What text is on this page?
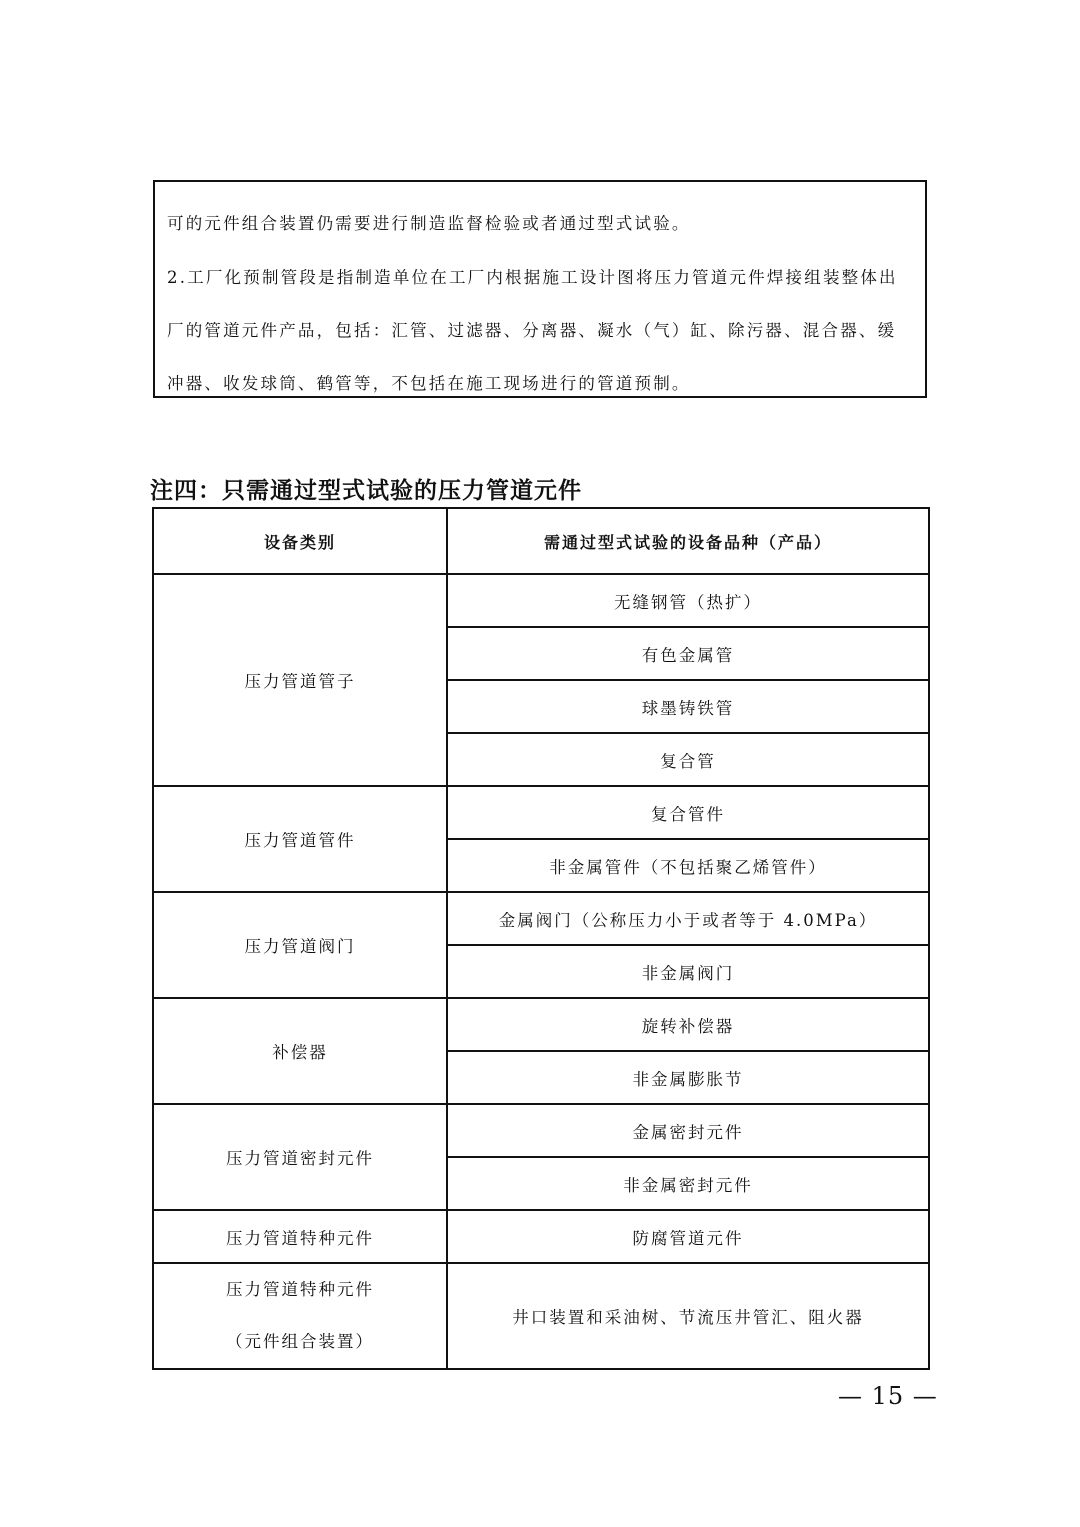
可的元件组合装置仍需要进行制造监督检验或者通过型式试验。
2.工厂化预制管段是指制造单位在工厂内根据施工设计图将压力管道元件焊接组装整体出
厂的管道元件产品，包括：汇管、过滤器、分离器、凝水（气）缸、除污器、混合器、缓
冲器、收发球筒、鹤管等，不包括在施工现场进行的管道预制。
注四：只需通过型式试验的压力管道元件
设备类别	需通过型式试验的设备品种（产品）
压力管道管子	无缝钢管（热扩）
	有色金属管
	球墨铸铁管
	复合管
压力管道管件	复合管件
	非金属管件（不包括聚乙烯管件）
压力管道阀门	金属阀门（公称压力小于或者等于 4.0MPa）
	非金属阀门
补偿器	旋转补偿器
	非金属膨胀节
压力管道密封元件	金属密封元件
	非金属密封元件
压力管道特种元件	防腐管道元件

压力管道特种元件
（元件组合装置）	井口装置和采油树、节流压井管汇、阻火器
— 15 —
